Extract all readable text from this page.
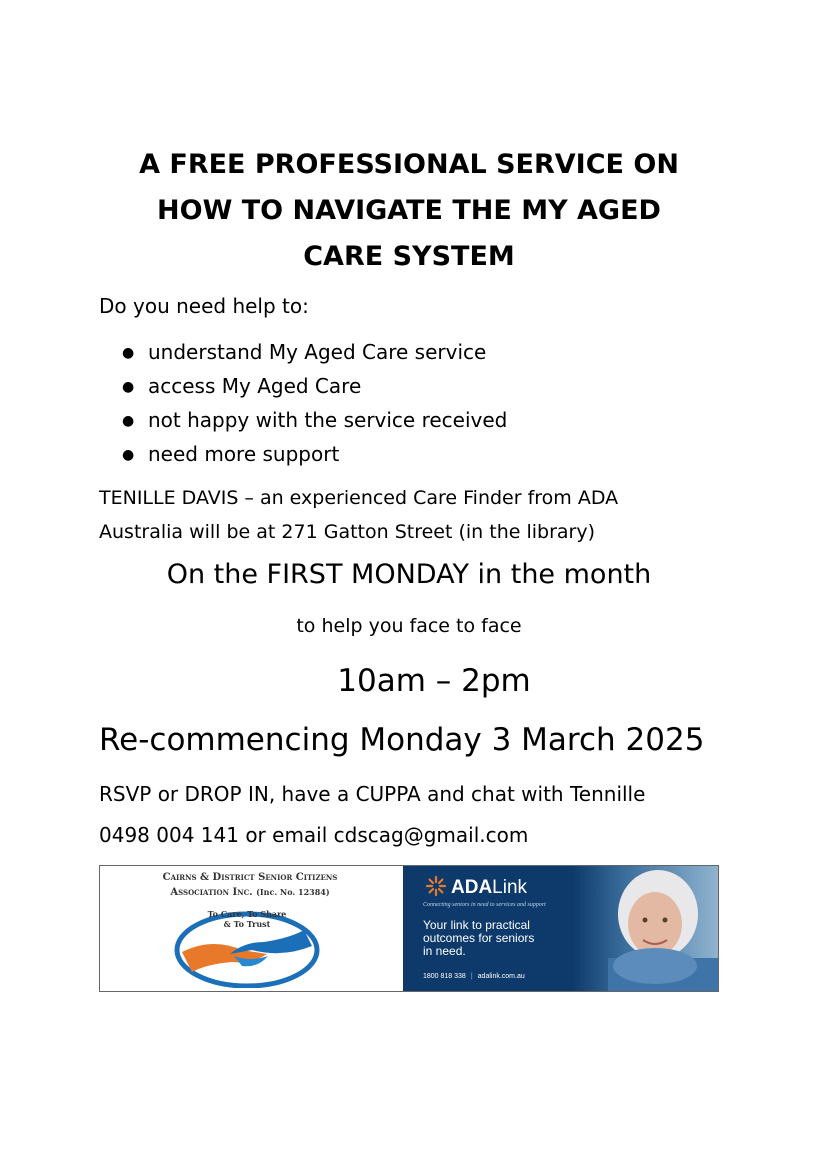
A FREE PROFESSIONAL SERVICE ON
HOW TO NAVIGATE THE MY AGED
CARE SYSTEM
Do you need help to:
● understand My Aged Care service
● access My Aged Care
● not happy with the service received
● need more support
TENILLE DAVIS – an experienced Care Finder from ADA
Australia will be at 271 Gatton Street (in the library)
On the FIRST MONDAY in the month
to help you face to face
10am – 2pm
Re-commencing Monday 3 March 2025
RSVP or DROP IN, have a CUPPA and chat with Tennille
0498 004 141 or email cdscag@gmail.com
Cairns & District Senior Citizens
Association Inc. (Inc. No. 12384)
To Care, To Share
& To Trust
ADALink
Connecting seniors in need to services and support
Your link to practical
outcomes for seniors
in need.
1800 818 338 | adalink.com.au
